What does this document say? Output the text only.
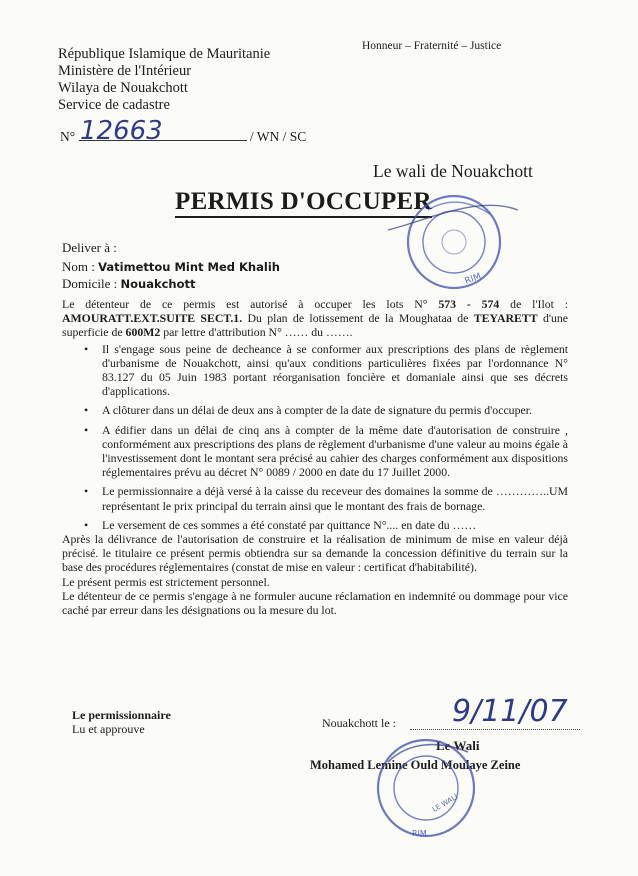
République Islamique de Mauritanie
Ministère de l'Intérieur
Wilaya de Nouakchott
Service de cadastre
Honneur – Fraternité – Justice
N°	/ WN / SC
12663
Le wali de Nouakchott
PERMIS D'OCCUPER
Deliver à :
Nom : Vatimettou Mint Med Khalih
Domicile : Nouakchott

Le détenteur de ce permis est autorisé à occuper les lots N° 573 - 574 de l'Ilot : AMOURATT.EXT.SUITE SECT.1. Du plan de lotissement de la Moughataa de TEYARETT d'une superficie de 600M2 par lettre d'attribution N° …… du …….

• Il s'engage sous peine de decheance à se conformer aux prescriptions des plans de règlement d'urbanisme de Nouakchott, ainsi qu'aux conditions particulières fixées par l'ordonnance N° 83.127 du 05 Juin 1983 portant réorganisation foncière et domaniale ainsi que ses décrets d'applications.
• A clôturer dans un délai de deux ans à compter de la date de signature du permis d'occuper.
• A édifier dans un délai de cinq ans à compter de la même date d'autorisation de construire , conformément aux prescriptions des plans de règlement d'urbanisme d'une valeur au moins égale à l'investissement dont le montant sera précisé au cahier des charges conformément aux dispositions réglementaires prévu au décret N° 0089 / 2000 en date du 17 Juillet 2000.
• Le permissionnaire a déjà versé à la caisse du receveur des domaines la somme de …………..UM représentant le prix principal du terrain ainsi que le montant des frais de bornage.
• Le versement de ces sommes a été constaté par quittance N°.... en date du ……

Après la délivrance de l'autorisation de construire et la réalisation de minimum de mise en valeur déjà précisé. le titulaire ce présent permis obtiendra sur sa demande la concession définitive du terrain sur la base des procédures réglementaires (constat de mise en valeur : certificat d'habitabilité).

Le présent permis est strictement personnel.

Le détenteur de ce permis s'engage à ne formuler aucune réclamation en indemnité ou dommage pour vice caché par erreur dans les désignations ou la mesure du lot.

Le permissionnaire
Lu et approuve	Nouakchott le : 9/11/07
Le Wali
Mohamed Lemine Ould Moulaye Zeine
RIM
LE WALI
RIM
